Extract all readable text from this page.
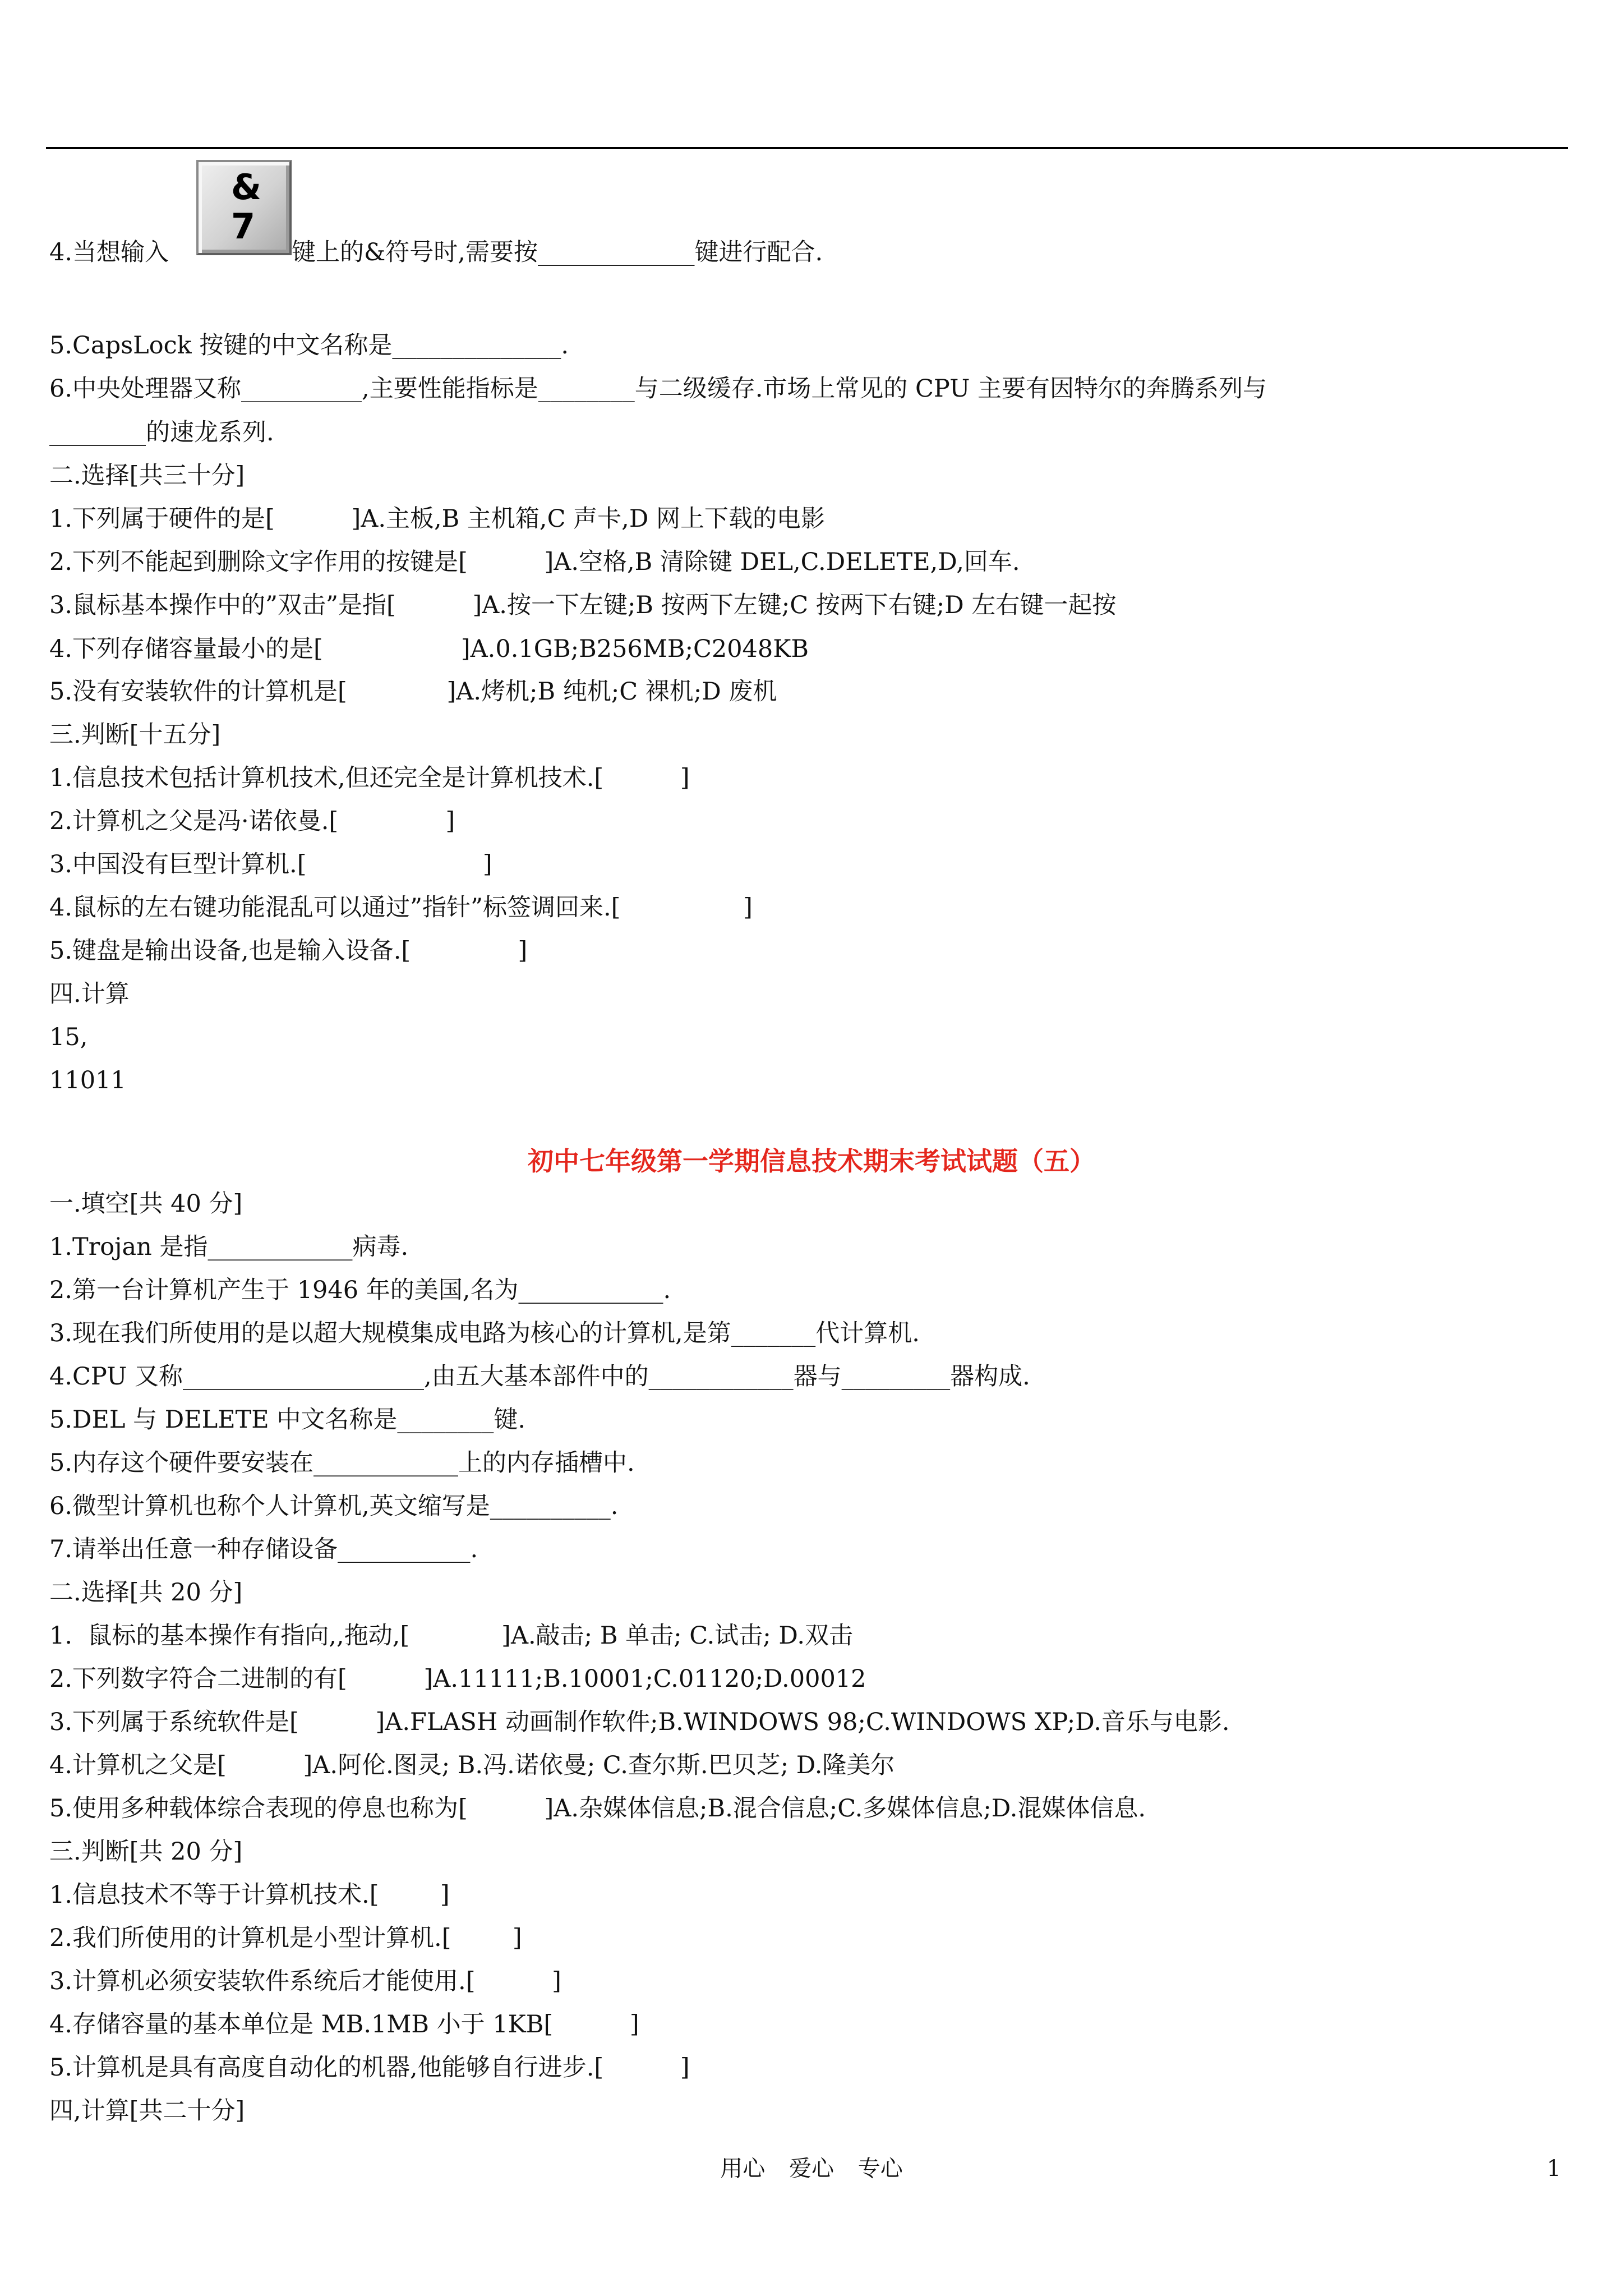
&
7

4.当想输入	键上的&符号时,需要按_____________键进行配合.

5.CapsLock 按键的中文名称是______________.

6.中央处理器又称__________,主要性能指标是________与二级缓存.市场上常见的 CPU 主要有因特尔的奔腾系列与

________的速龙系列.

二.选择[共三十分]

1.下列属于硬件的是[          ]A.主板,B 主机箱,C 声卡,D 网上下载的电影

2.下列不能起到删除文字作用的按键是[          ]A.空格,B 清除键 DEL,C.DELETE,D,回车.

3.鼠标基本操作中的”双击”是指[          ]A.按一下左键;B 按两下左键;C 按两下右键;D 左右键一起按

4.下列存储容量最小的是[                  ]A.0.1GB;B256MB;C2048KB

5.没有安装软件的计算机是[             ]A.烤机;B 纯机;C 裸机;D 废机

三.判断[十五分]

1.信息技术包括计算机技术,但还完全是计算机技术.[          ]

2.计算机之父是冯·诺依曼.[              ]

3.中国没有巨型计算机.[                       ]

4.鼠标的左右键功能混乱可以通过”指针”标签调回来.[                ]

5.键盘是输出设备,也是输入设备.[              ]

四.计算

15,

11011

初中七年级第一学期信息技术期末考试试题（五）

一.填空[共 40 分]

1.Trojan 是指____________病毒.

2.第一台计算机产生于 1946 年的美国,名为____________.

3.现在我们所使用的是以超大规模集成电路为核心的计算机,是第_______代计算机.

4.CPU 又称____________________,由五大基本部件中的____________器与_________器构成.

5.DEL 与 DELETE 中文名称是________键.

5.内存这个硬件要安装在____________上的内存插槽中.

6.微型计算机也称个人计算机,英文缩写是__________.

7.请举出任意一种存储设备___________.

二.选择[共 20 分]

1.  鼠标的基本操作有指向,,拖动,[            ]A.敲击; B 单击; C.试击; D.双击

2.下列数字符合二进制的有[          ]A.11111;B.10001;C.01120;D.00012

3.下列属于系统软件是[          ]A.FLASH 动画制作软件;B.WINDOWS 98;C.WINDOWS XP;D.音乐与电影.

4.计算机之父是[          ]A.阿伦.图灵; B.冯.诺依曼; C.查尔斯.巴贝芝; D.隆美尔

5.使用多种载体综合表现的停息也称为[          ]A.杂媒体信息;B.混合信息;C.多媒体信息;D.混媒体信息.

三.判断[共 20 分]

1.信息技术不等于计算机技术.[        ]

2.我们所使用的计算机是小型计算机.[        ]

3.计算机必须安装软件系统后才能使用.[          ]

4.存储容量的基本单位是 MB.1MB 小于 1KB[          ]

5.计算机是具有高度自动化的机器,他能够自行进步.[          ]

四,计算[共二十分]

用心 爱心 专心	1
